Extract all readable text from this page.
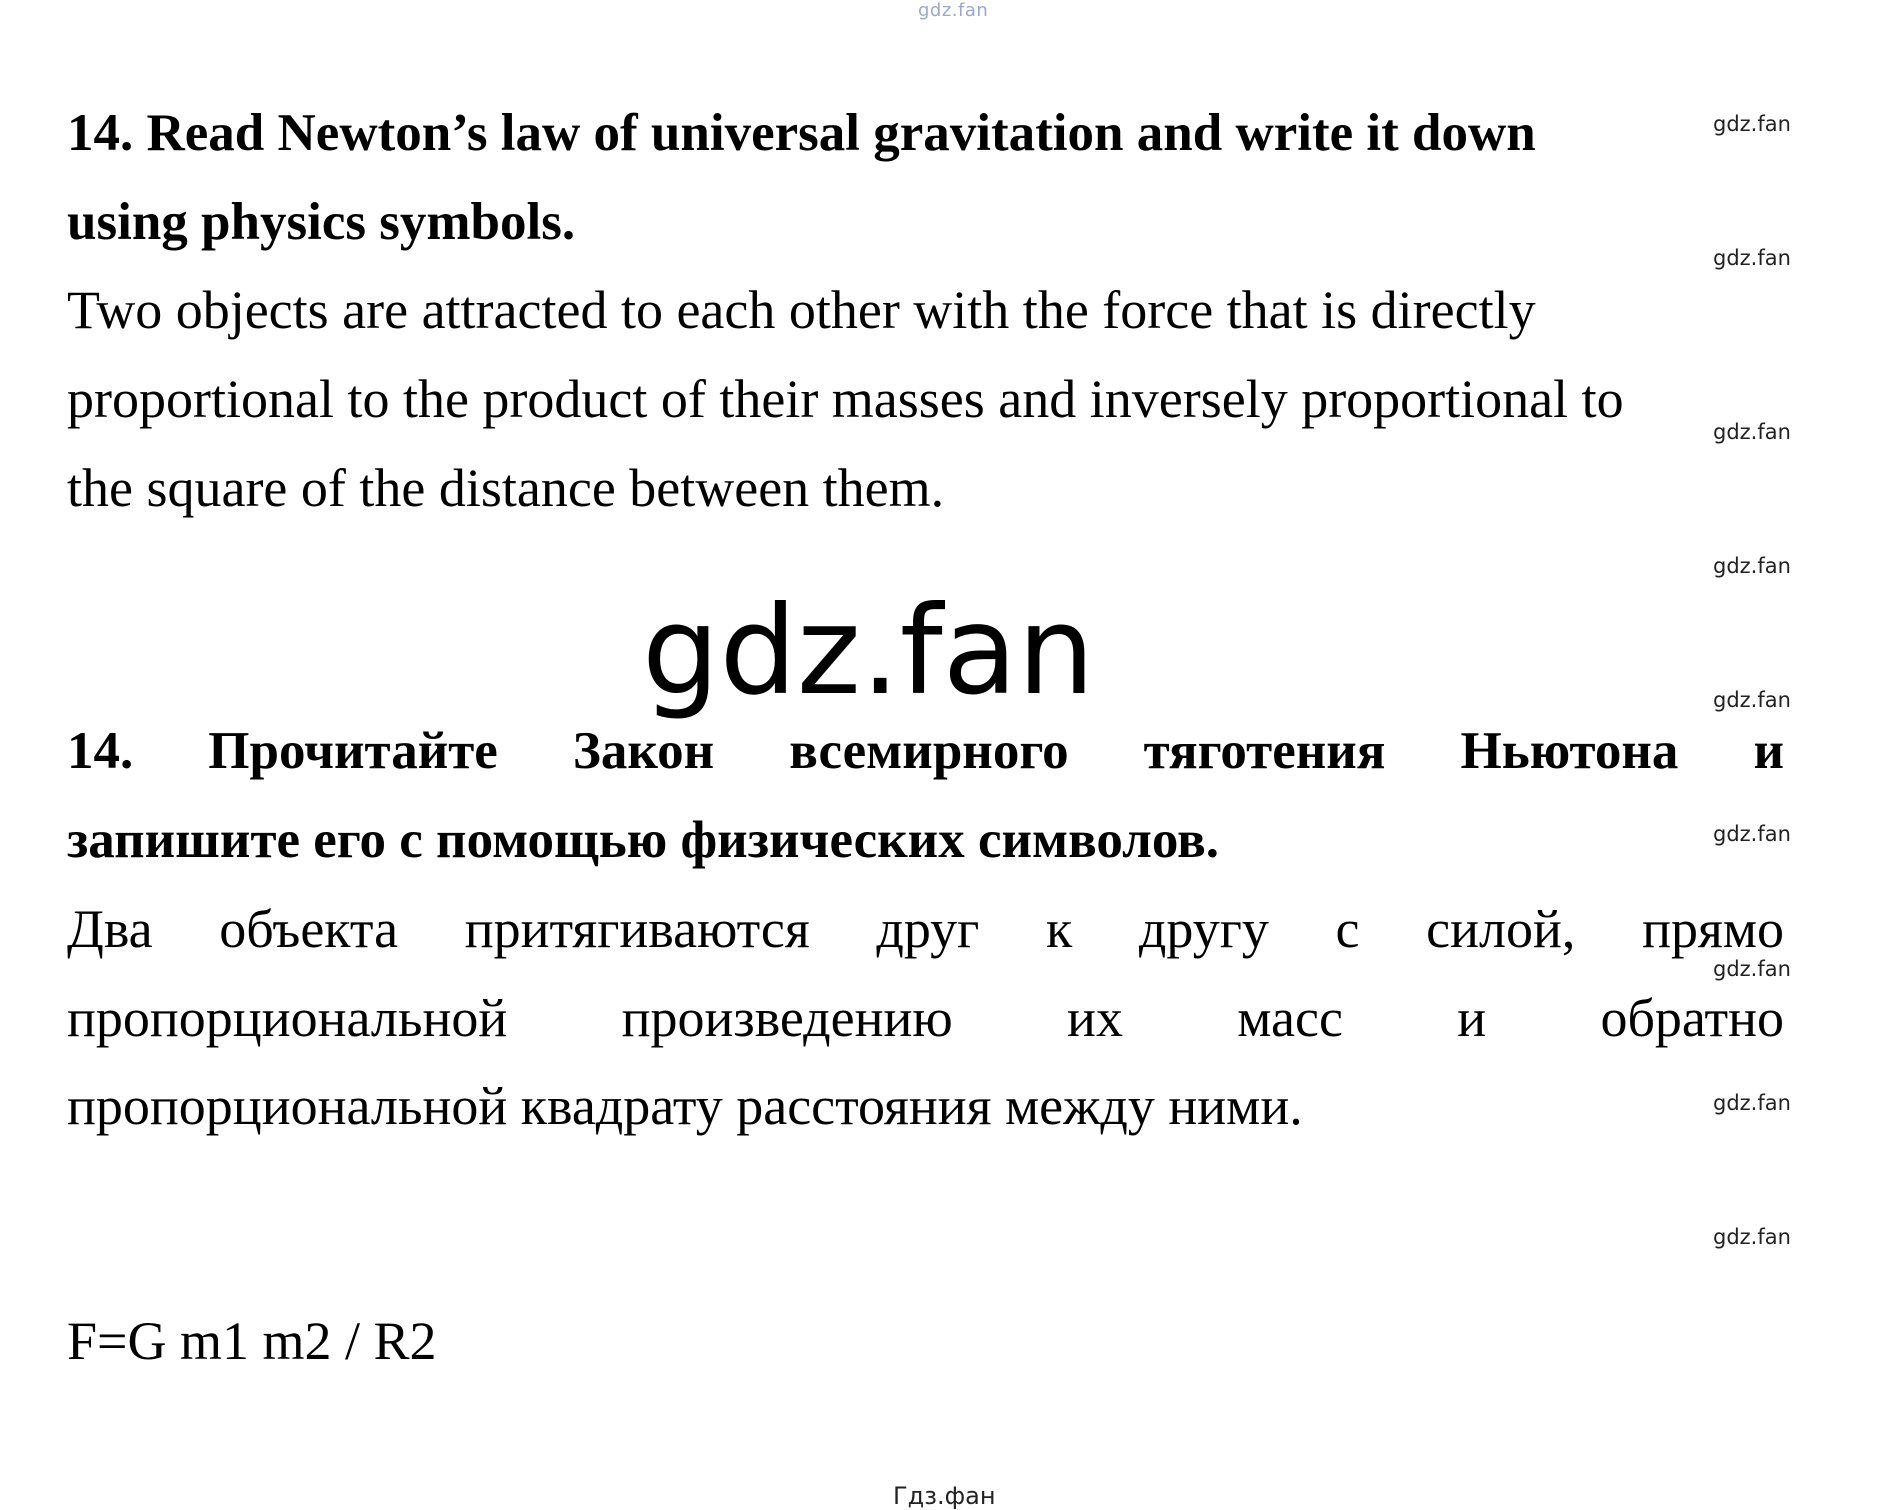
gdz.fan
14. Read Newton’s law of universal gravitation and write it down
using physics symbols.
Two objects are attracted to each other with the force that is directly
proportional to the product of their masses and inversely proportional to
the square of the distance between them.
gdz.fan
14. Прочитайте Закон всемирного тяготения Ньютона и
запишите его с помощью физических символов.
Два объекта притягиваются друг к другу с силой, прямо
пропорциональной произведению их масс и обратно
пропорциональной квадрату расстояния между ними.
F=G m1 m2 / R2
gdz.fan
gdz.fan
gdz.fan
gdz.fan
gdz.fan
gdz.fan
gdz.fan
gdz.fan
gdz.fan
Гдз.фан
